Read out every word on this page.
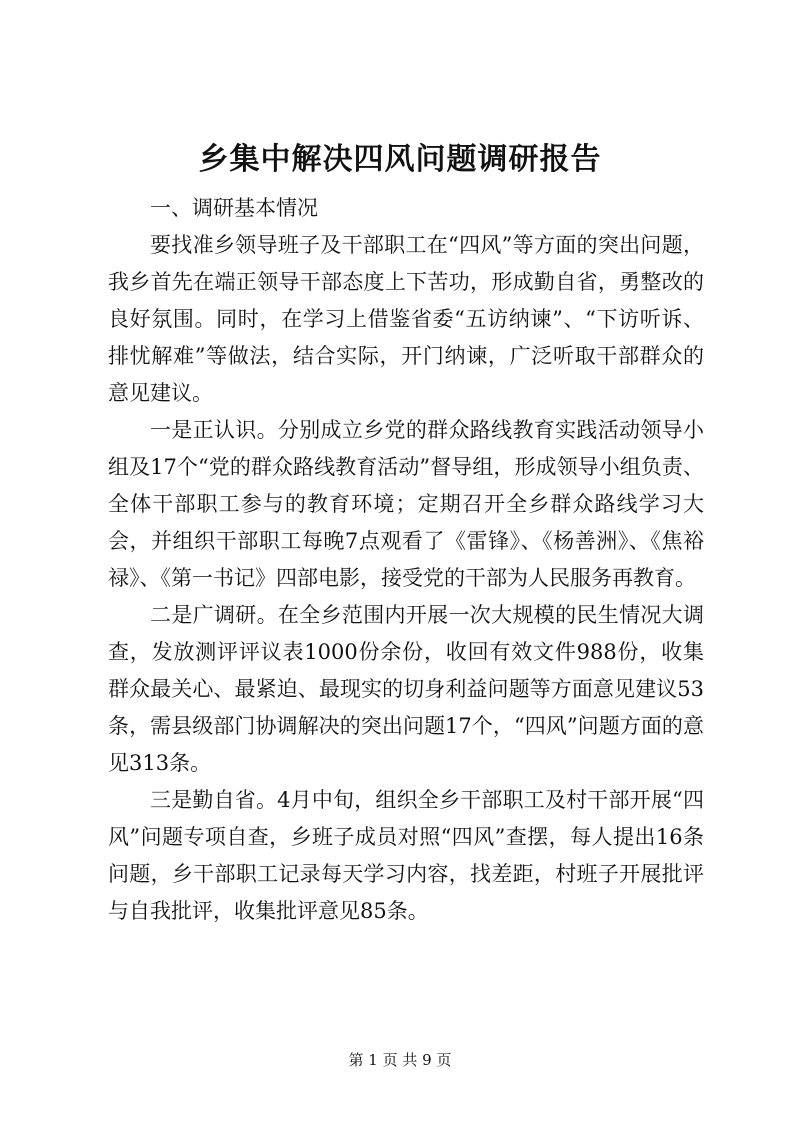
乡集中解决四风问题调研报告

一、调研基本情况

要找准乡领导班子及干部职工在“四风”等方面的突出问题，我乡首先在端正领导干部态度上下苦功，形成勤自省，勇整改的良好氛围。同时，在学习上借鉴省委“五访纳谏”、“下访听诉、排忧解难”等做法，结合实际，开门纳谏，广泛听取干部群众的意见建议。

一是正认识。分别成立乡党的群众路线教育实践活动领导小组及17个“党的群众路线教育活动”督导组，形成领导小组负责、全体干部职工参与的教育环境；定期召开全乡群众路线学习大会，并组织干部职工每晚7点观看了《雷锋》、《杨善洲》、《焦裕禄》、《第一书记》四部电影，接受党的干部为人民服务再教育。

二是广调研。在全乡范围内开展一次大规模的民生情况大调查，发放测评评议表1000份余份，收回有效文件988份，收集群众最关心、最紧迫、最现实的切身利益问题等方面意见建议53条，需县级部门协调解决的突出问题17个，“四风”问题方面的意见313条。

三是勤自省。4月中旬，组织全乡干部职工及村干部开展“四风”问题专项自查，乡班子成员对照“四风”查摆，每人提出16条问题，乡干部职工记录每天学习内容，找差距，村班子开展批评与自我批评，收集批评意见85条。

第 1 页 共 9 页
